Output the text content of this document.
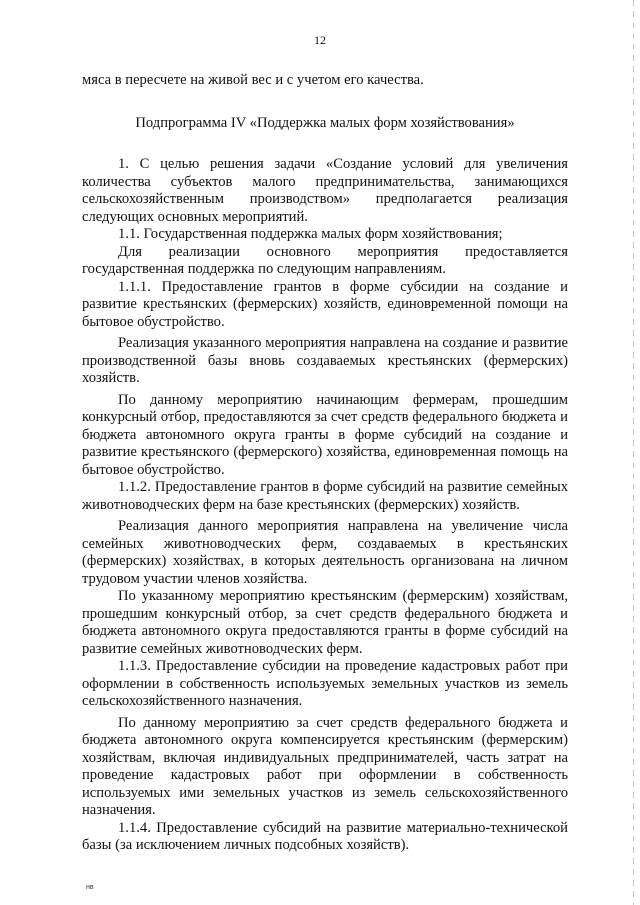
12

мяса в пересчете на живой вес и с учетом его качества.

Подпрограмма IV «Поддержка малых форм хозяйствования»

1. С целью решения задачи «Создание условий для увеличения количества субъектов малого предпринимательства, занимающихся сельскохозяйственным производством» предполагается реализация следующих основных мероприятий.

1.1. Государственная поддержка малых форм хозяйствования;

Для реализации основного мероприятия предоставляется государственная поддержка по следующим направлениям.

1.1.1. Предоставление грантов в форме субсидии на создание и развитие крестьянских (фермерских) хозяйств, единовременной помощи на бытовое обустройство.

Реализация указанного мероприятия направлена на создание и развитие производственной базы вновь создаваемых крестьянских (фермерских) хозяйств.

По данному мероприятию начинающим фермерам, прошедшим конкурсный отбор, предоставляются за счет средств федерального бюджета и бюджета автономного округа гранты в форме субсидий на создание и развитие крестьянского (фермерского) хозяйства, единовременная помощь на бытовое обустройство.

1.1.2. Предоставление грантов в форме субсидий на развитие семейных животноводческих ферм на базе крестьянских (фермерских) хозяйств.

Реализация данного мероприятия направлена на увеличение числа семейных животноводческих ферм, создаваемых в крестьянских (фермерских) хозяйствах, в которых деятельность организована на личном трудовом участии членов хозяйства.

По указанному мероприятию крестьянским (фермерским) хозяйствам, прошедшим конкурсный отбор, за счет средств федерального бюджета и бюджета автономного округа предоставляются гранты в форме субсидий на развитие семейных животноводческих ферм.

1.1.3. Предоставление субсидии на проведение кадастровых работ при оформлении в собственность используемых земельных участков из земель сельскохозяйственного назначения.

По данному мероприятию за счет средств федерального бюджета и бюджета автономного округа компенсируется крестьянским (фермерским) хозяйствам, включая индивидуальных предпринимателей, часть затрат на проведение кадастровых работ при оформлении в собственность используемых ими земельных участков из земель сельскохозяйственного назначения.

1.1.4. Предоставление субсидий на развитие материально-технической базы (за исключением личных подсобных хозяйств).

нв
